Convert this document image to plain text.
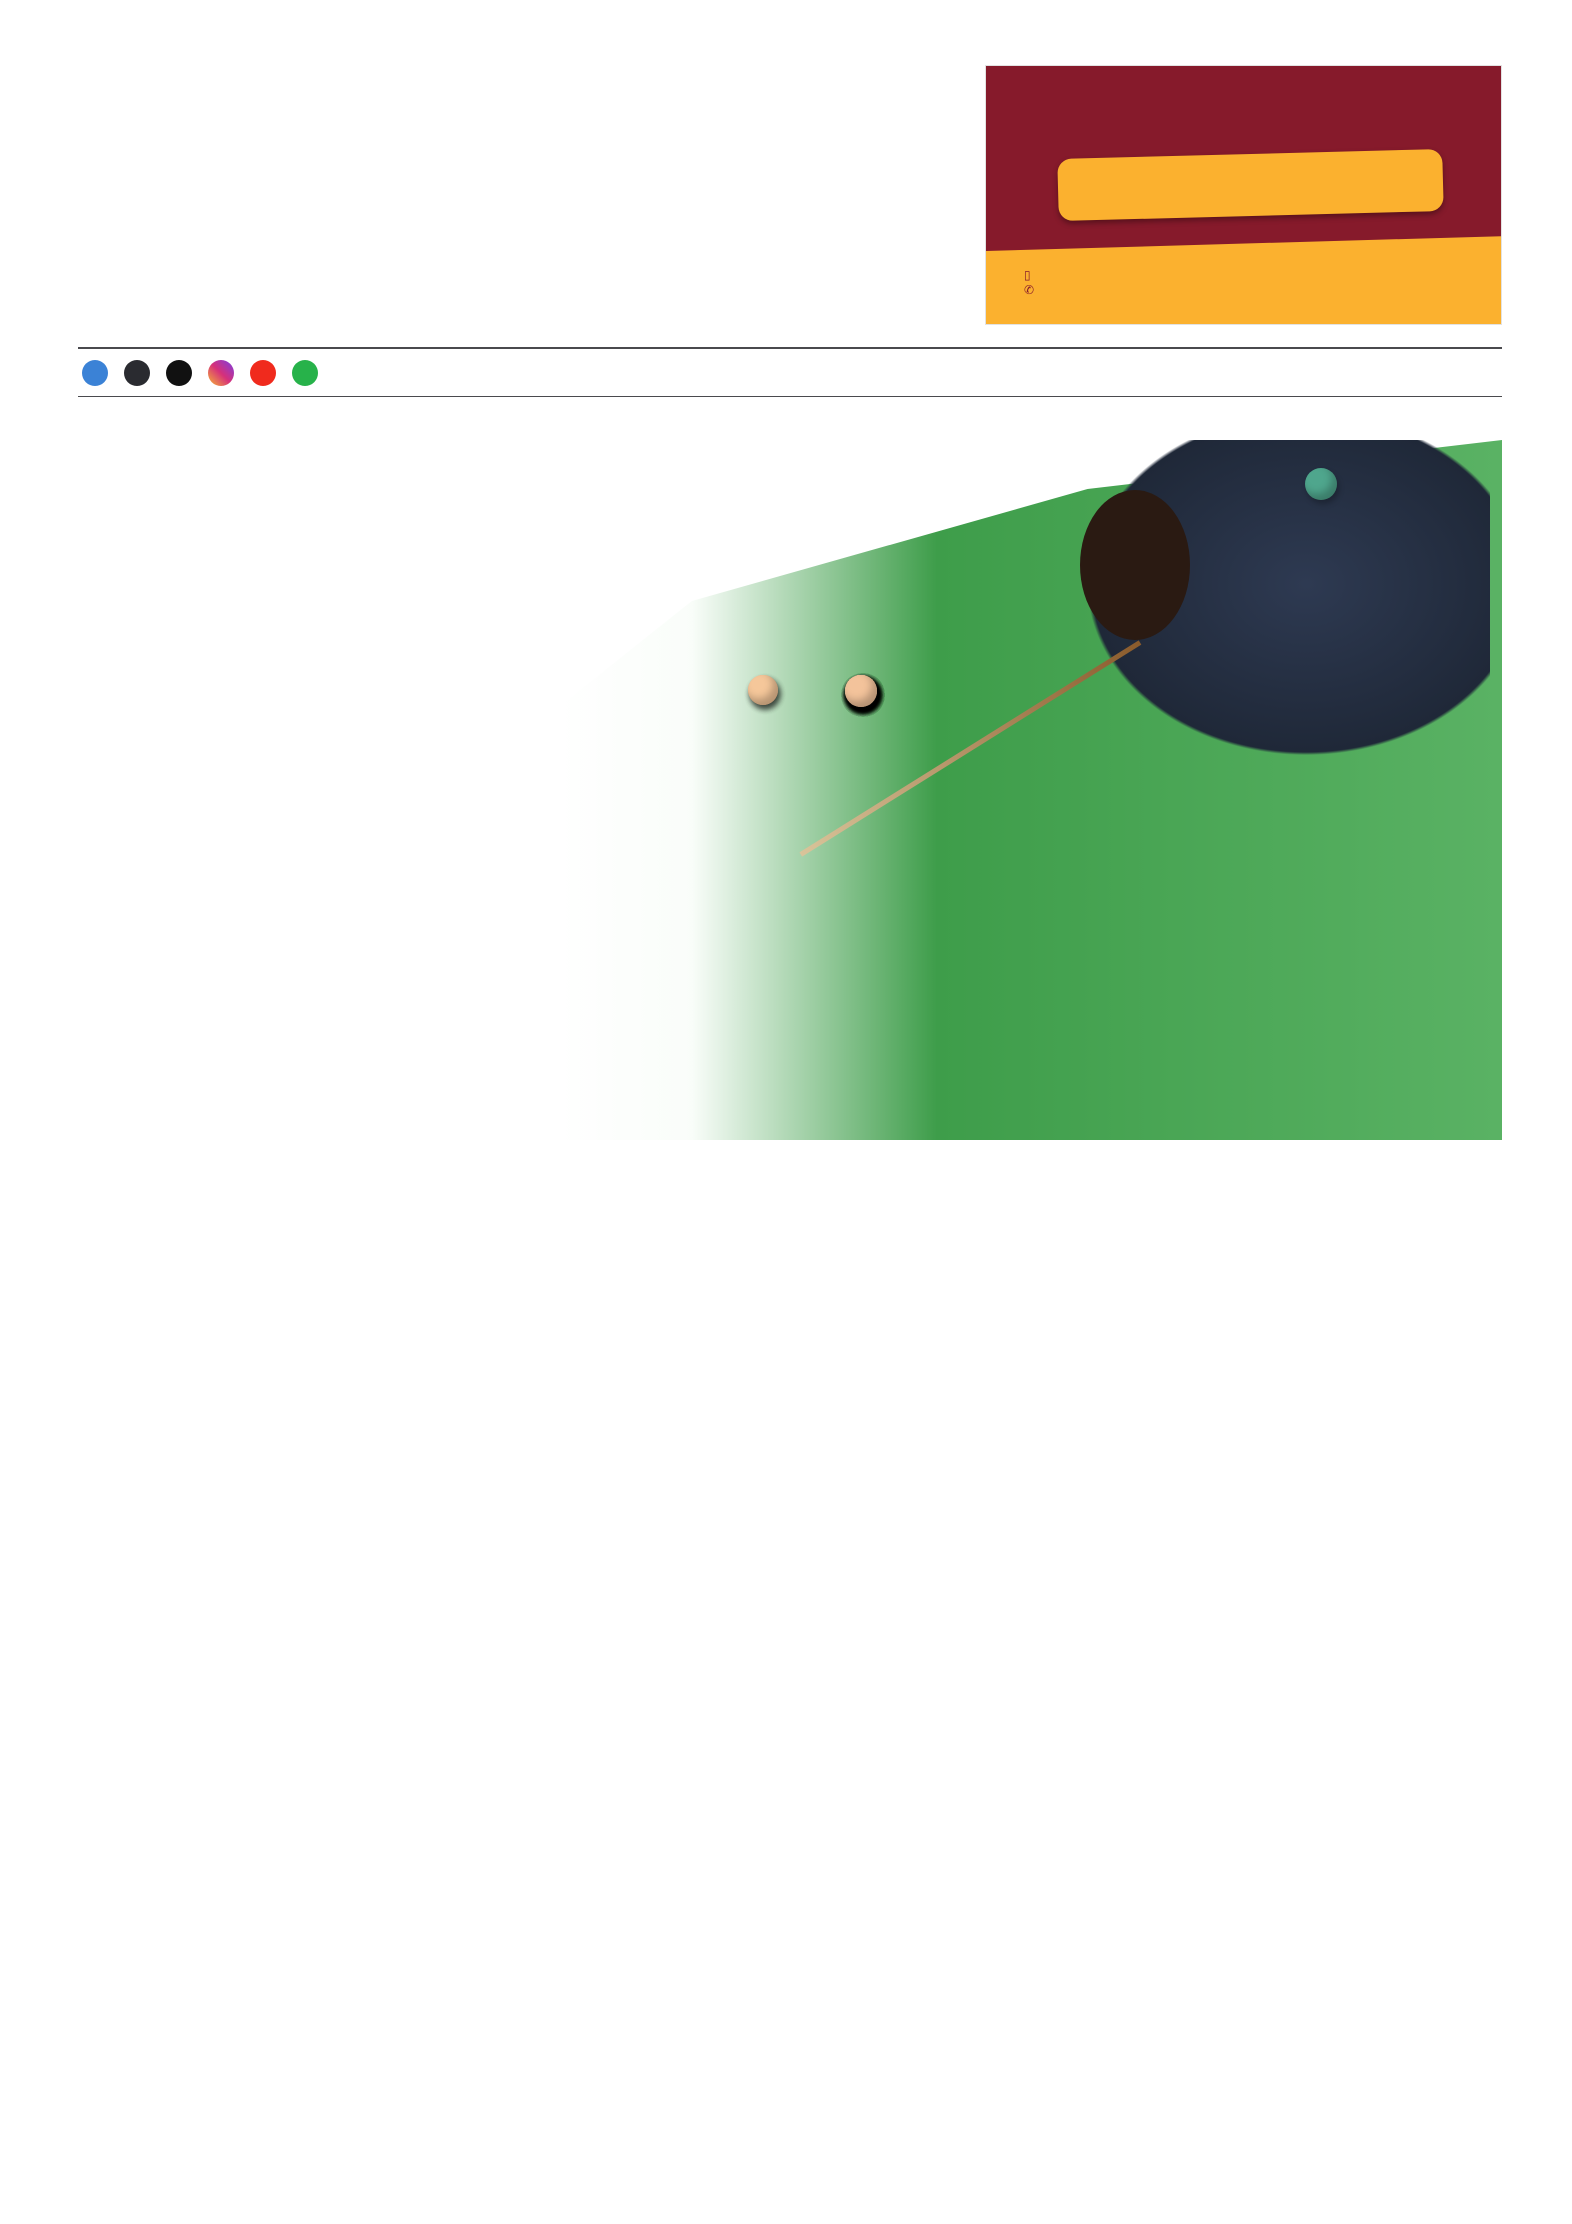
▯
✆
